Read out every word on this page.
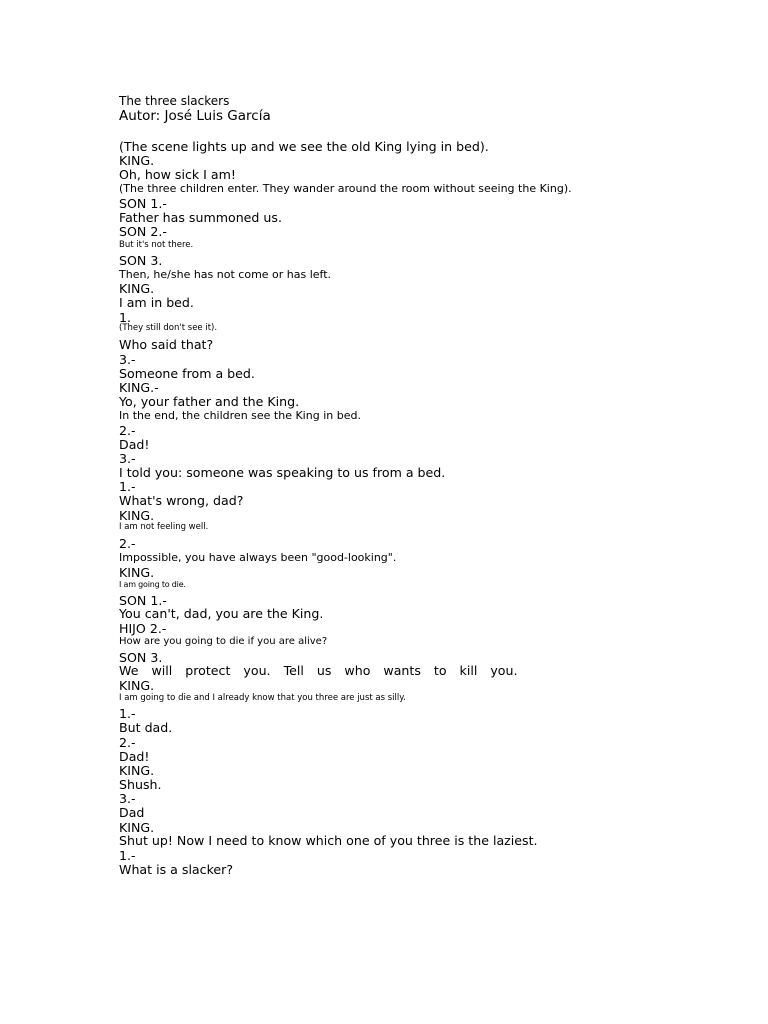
The three slackers
Autor: José Luis García
(The scene lights up and we see the old King lying in bed).
KING.
Oh, how sick I am!
(The three children enter. They wander around the room without seeing the King).
SON 1.-
Father has summoned us.
SON 2.-
But it's not there.
SON 3.
Then, he/she has not come or has left.
KING.
I am in bed.
1.
(They still don't see it).
Who said that?
3.-
Someone from a bed.
KING.-
Yo, your father and the King.
In the end, the children see the King in bed.
2.-
Dad!
3.-
I told you: someone was speaking to us from a bed.
1.-
What's wrong, dad?
KING.
I am not feeling well.
2.-
Impossible, you have always been "good-looking".
KING.
I am going to die.
SON 1.-
You can't, dad, you are the King.
HIJO 2.-
How are you going to die if you are alive?
SON 3.
We will protect you. Tell us who wants to kill you.
KING.
I am going to die and I already know that you three are just as silly.
1.-
But dad.
2.-
Dad!
KING.
Shush.
3.-
Dad
KING.
Shut up! Now I need to know which one of you three is the laziest.
1.-
What is a slacker?
